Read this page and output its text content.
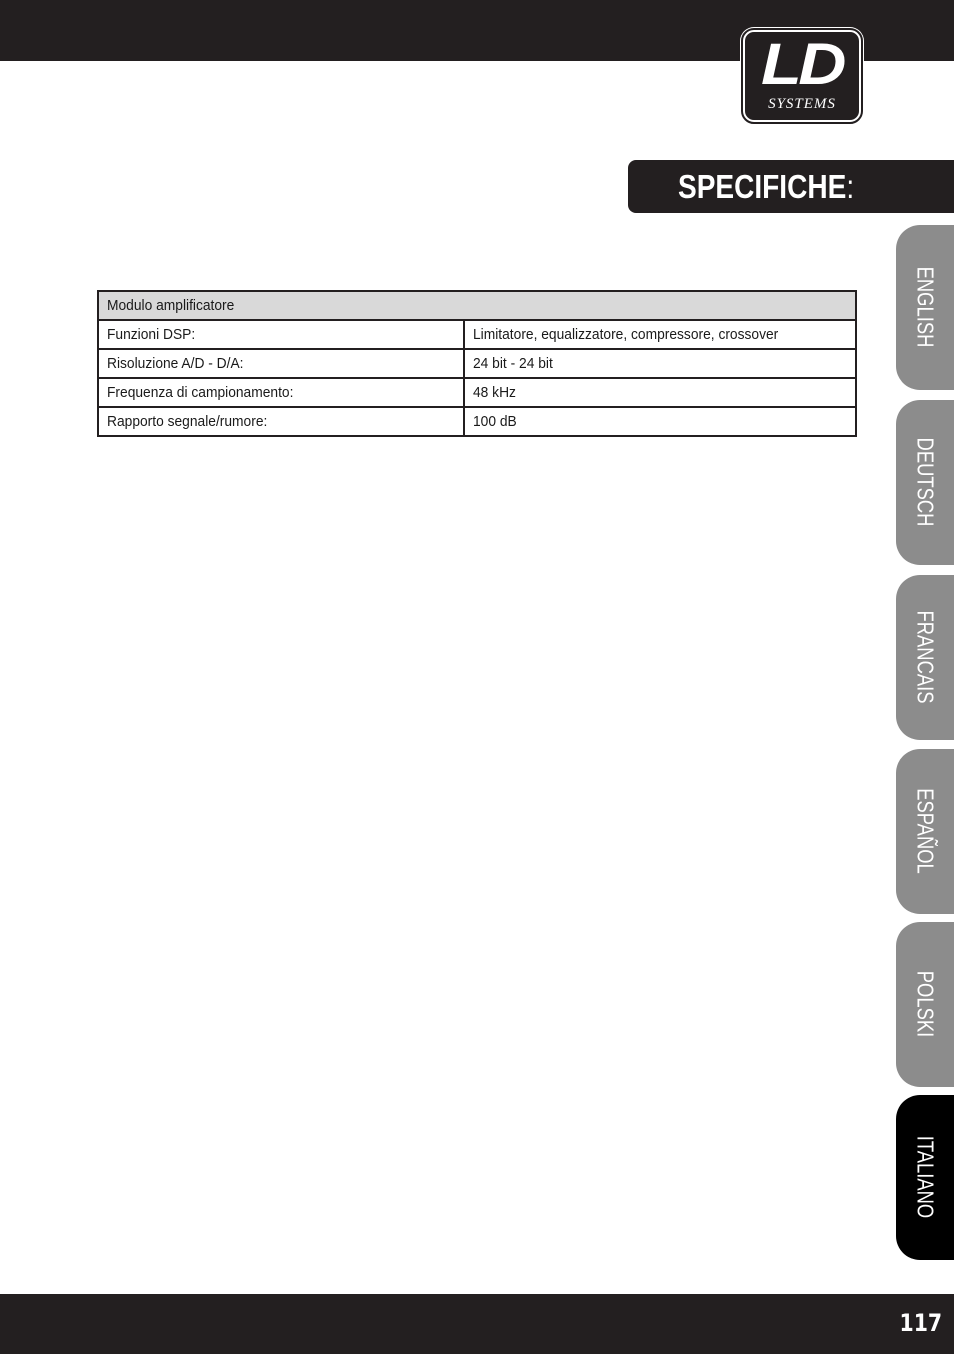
LD
SYSTEMS
SPECIFICHE:
Modulo amplificatore	
Funzioni DSP:	Limitatore, equalizzatore, compressore, crossover
Risoluzione A/D - D/A:	24 bit - 24 bit
Frequenza di campionamento:	48 kHz
Rapporto segnale/rumore:	100 dB
ENGLISH
DEUTSCH
FRANCAIS
ESPAÑOL
POLSKI
ITALIANO
117
